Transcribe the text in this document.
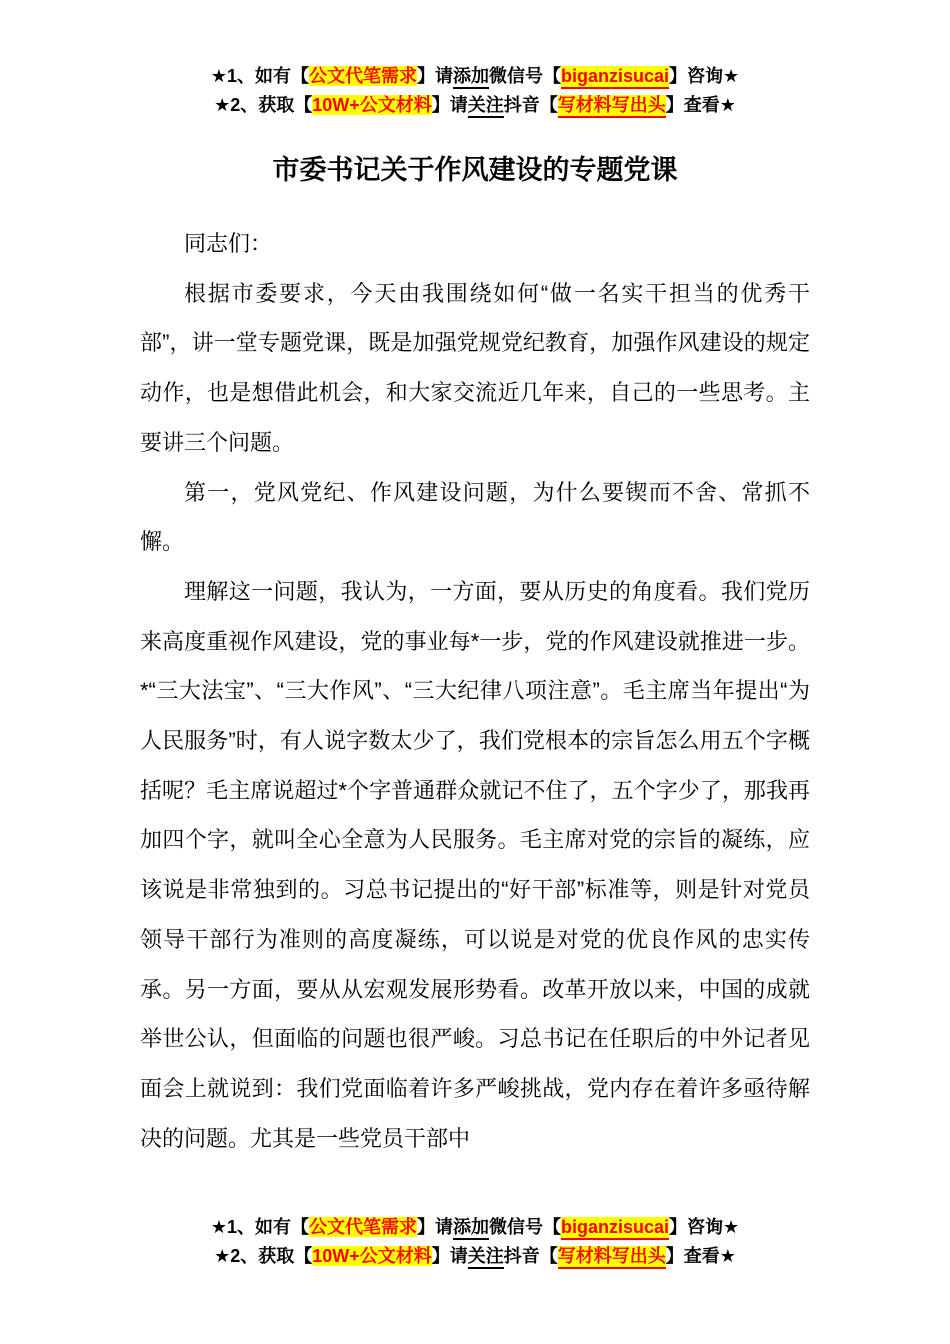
★1、如有【公文代笔需求】请添加微信号【biganzisucai】咨询★
★2、获取【10W+公文材料】请关注抖音【写材料写出头】查看★
市委书记关于作风建设的专题党课

同志们：

根据市委要求，今天由我围绕如何“做一名实干担当的优秀干部”，讲一堂专题党课，既是加强党规党纪教育，加强作风建设的规定动作，也是想借此机会，和大家交流近几年来，自己的一些思考。主要讲三个问题。

第一，党风党纪、作风建设问题，为什么要锲而不舍、常抓不懈。

理解这一问题，我认为，一方面，要从历史的角度看。我们党历来高度重视作风建设，党的事业每*一步，党的作风建设就推进一步。*“三大法宝”、“三大作风”、“三大纪律八项注意”。毛主席当年提出“为人民服务”时，有人说字数太少了，我们党根本的宗旨怎么用五个字概括呢？毛主席说超过*个字普通群众就记不住了，五个字少了，那我再加四个字，就叫全心全意为人民服务。毛主席对党的宗旨的凝练，应该说是非常独到的。习总书记提出的“好干部”标准等，则是针对党员领导干部行为准则的高度凝练，可以说是对党的优良作风的忠实传承。另一方面，要从从宏观发展形势看。改革开放以来，中国的成就举世公认，但面临的问题也很严峻。习总书记在任职后的中外记者见面会上就说到：我们党面临着许多严峻挑战，党内存在着许多亟待解决的问题。尤其是一些党员干部中

★1、如有【公文代笔需求】请添加微信号【biganzisucai】咨询★
★2、获取【10W+公文材料】请关注抖音【写材料写出头】查看★
